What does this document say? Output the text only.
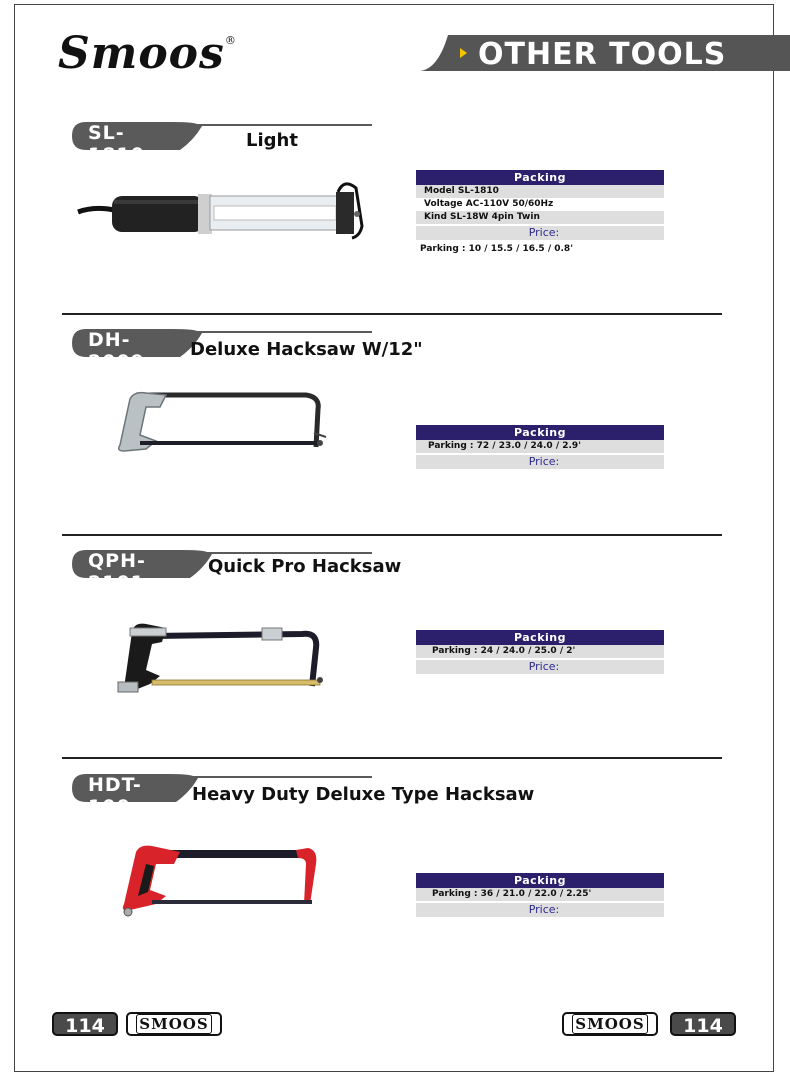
Smoos®	OTHER TOOLS
SL-1810
Light
Packing
Model SL-1810
Voltage AC-110V 50/60Hz
Kind SL-18W 4pin Twin
Price:
Parking : 10 / 15.5 / 16.5 / 0.8'
DH-2009
Deluxe Hacksaw W/12"
Packing
Parking : 72 / 23.0 / 24.0 / 2.9'
Price:
QPH-2101
Quick Pro Hacksaw
Packing
Parking : 24 / 24.0 / 25.0 / 2'
Price:
HDT-100
Heavy Duty Deluxe Type Hacksaw
Packing
Parking : 36 / 21.0 / 22.0 / 2.25'
Price:
114	SMOOS	SMOOS	114
